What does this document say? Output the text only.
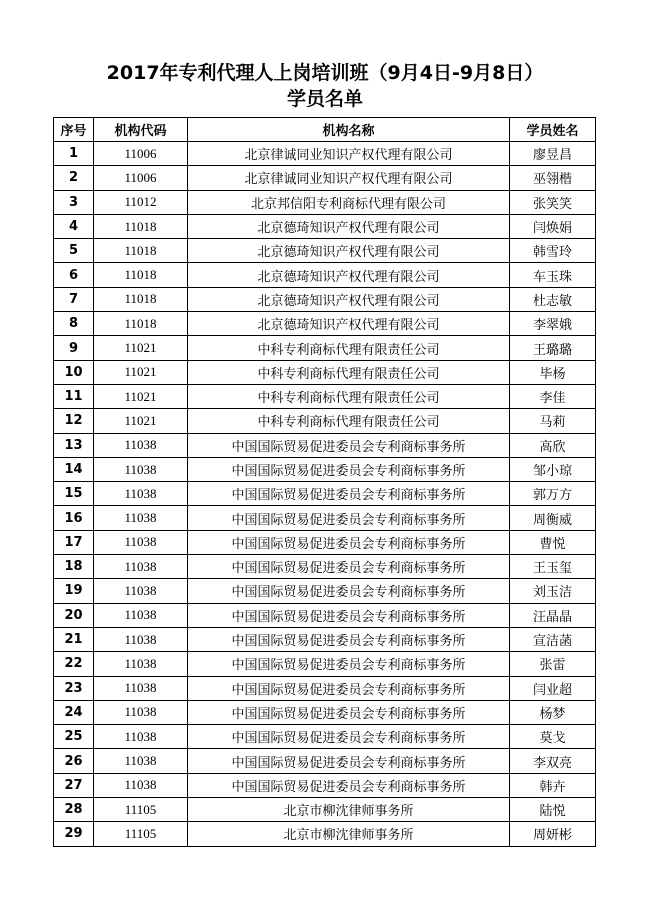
2017年专利代理人上岗培训班（9月4日-9月8日）
学员名单
序号	机构代码	机构名称	学员姓名
1	11006	北京律诚同业知识产权代理有限公司	廖昱昌
2	11006	北京律诚同业知识产权代理有限公司	巫翎楷
3	11012	北京邦信阳专利商标代理有限公司	张笑笑
4	11018	北京德琦知识产权代理有限公司	闫焕娟
5	11018	北京德琦知识产权代理有限公司	韩雪玲
6	11018	北京德琦知识产权代理有限公司	车玉珠
7	11018	北京德琦知识产权代理有限公司	杜志敏
8	11018	北京德琦知识产权代理有限公司	李翠娥
9	11021	中科专利商标代理有限责任公司	王璐璐
10	11021	中科专利商标代理有限责任公司	毕杨
11	11021	中科专利商标代理有限责任公司	李佳
12	11021	中科专利商标代理有限责任公司	马莉
13	11038	中国国际贸易促进委员会专利商标事务所	高欣
14	11038	中国国际贸易促进委员会专利商标事务所	邹小琼
15	11038	中国国际贸易促进委员会专利商标事务所	郭万方
16	11038	中国国际贸易促进委员会专利商标事务所	周衡威
17	11038	中国国际贸易促进委员会专利商标事务所	曹悦
18	11038	中国国际贸易促进委员会专利商标事务所	王玉玺
19	11038	中国国际贸易促进委员会专利商标事务所	刘玉洁
20	11038	中国国际贸易促进委员会专利商标事务所	汪晶晶
21	11038	中国国际贸易促进委员会专利商标事务所	宣洁菡
22	11038	中国国际贸易促进委员会专利商标事务所	张雷
23	11038	中国国际贸易促进委员会专利商标事务所	闫业超
24	11038	中国国际贸易促进委员会专利商标事务所	杨梦
25	11038	中国国际贸易促进委员会专利商标事务所	莫戈
26	11038	中国国际贸易促进委员会专利商标事务所	李双亮
27	11038	中国国际贸易促进委员会专利商标事务所	韩卉
28	11105	北京市柳沈律师事务所	陆悦
29	11105	北京市柳沈律师事务所	周妍彬
